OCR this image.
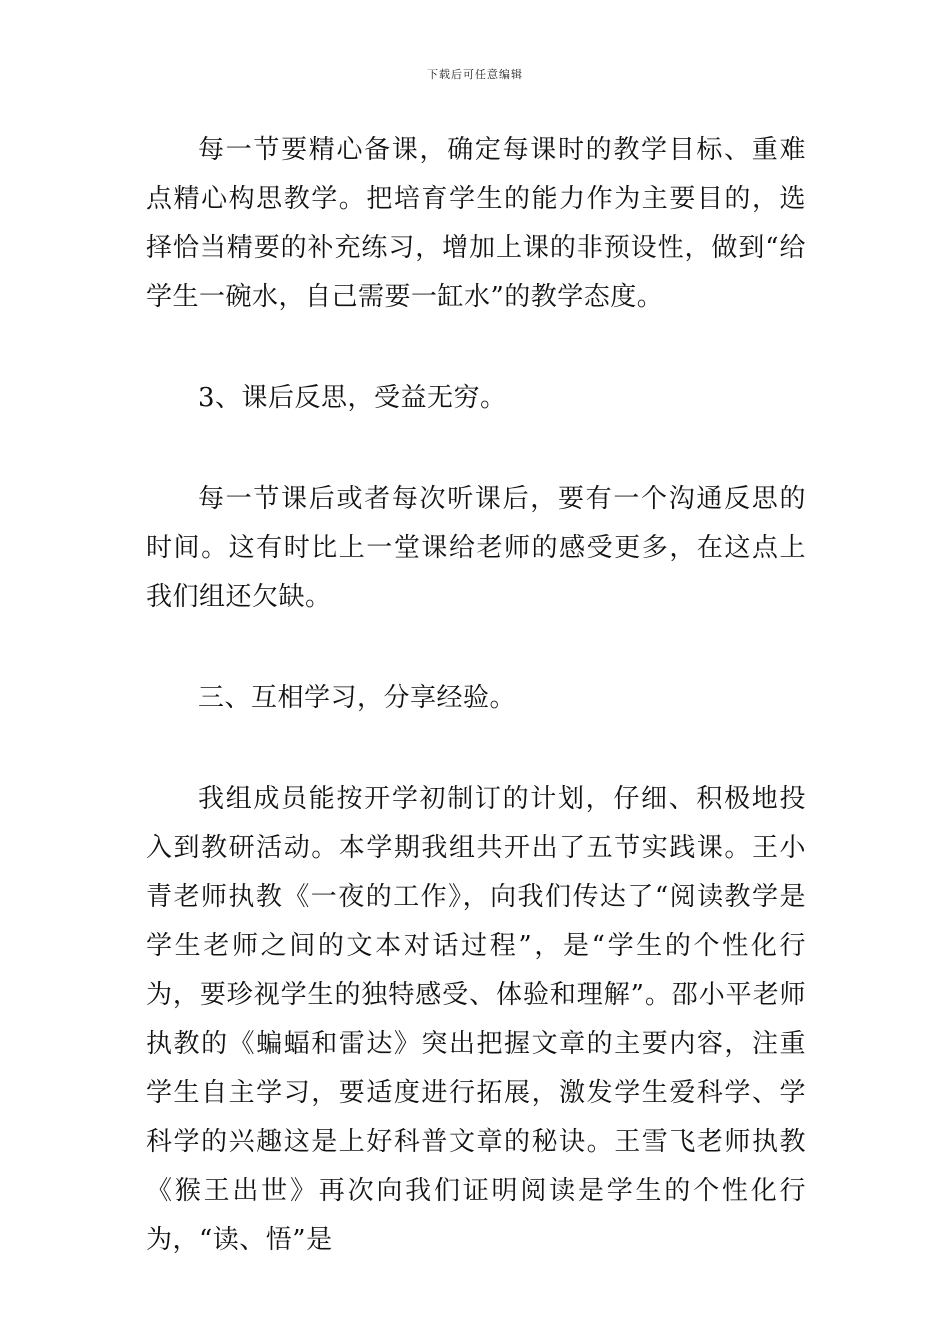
下载后可任意编辑

每一节要精心备课，确定每课时的教学目标、重难点精心构思教学。把培育学生的能力作为主要目的，选择恰当精要的补充练习，增加上课的非预设性，做到“给学生一碗水，自己需要一缸水”的教学态度。

3、课后反思，受益无穷。

每一节课后或者每次听课后，要有一个沟通反思的时间。这有时比上一堂课给老师的感受更多，在这点上我们组还欠缺。

三、互相学习，分享经验。

我组成员能按开学初制订的计划，仔细、积极地投入到教研活动。本学期我组共开出了五节实践课。王小青老师执教《一夜的工作》，向我们传达了“阅读教学是学生老师之间的文本对话过程”，是“学生的个性化行为，要珍视学生的独特感受、体验和理解”。邵小平老师执教的《蝙蝠和雷达》突出把握文章的主要内容，注重学生自主学习，要适度进行拓展，激发学生爱科学、学科学的兴趣这是上好科普文章的秘诀。王雪飞老师执教《猴王出世》再次向我们证明阅读是学生的个性化行为，“读、悟”是
